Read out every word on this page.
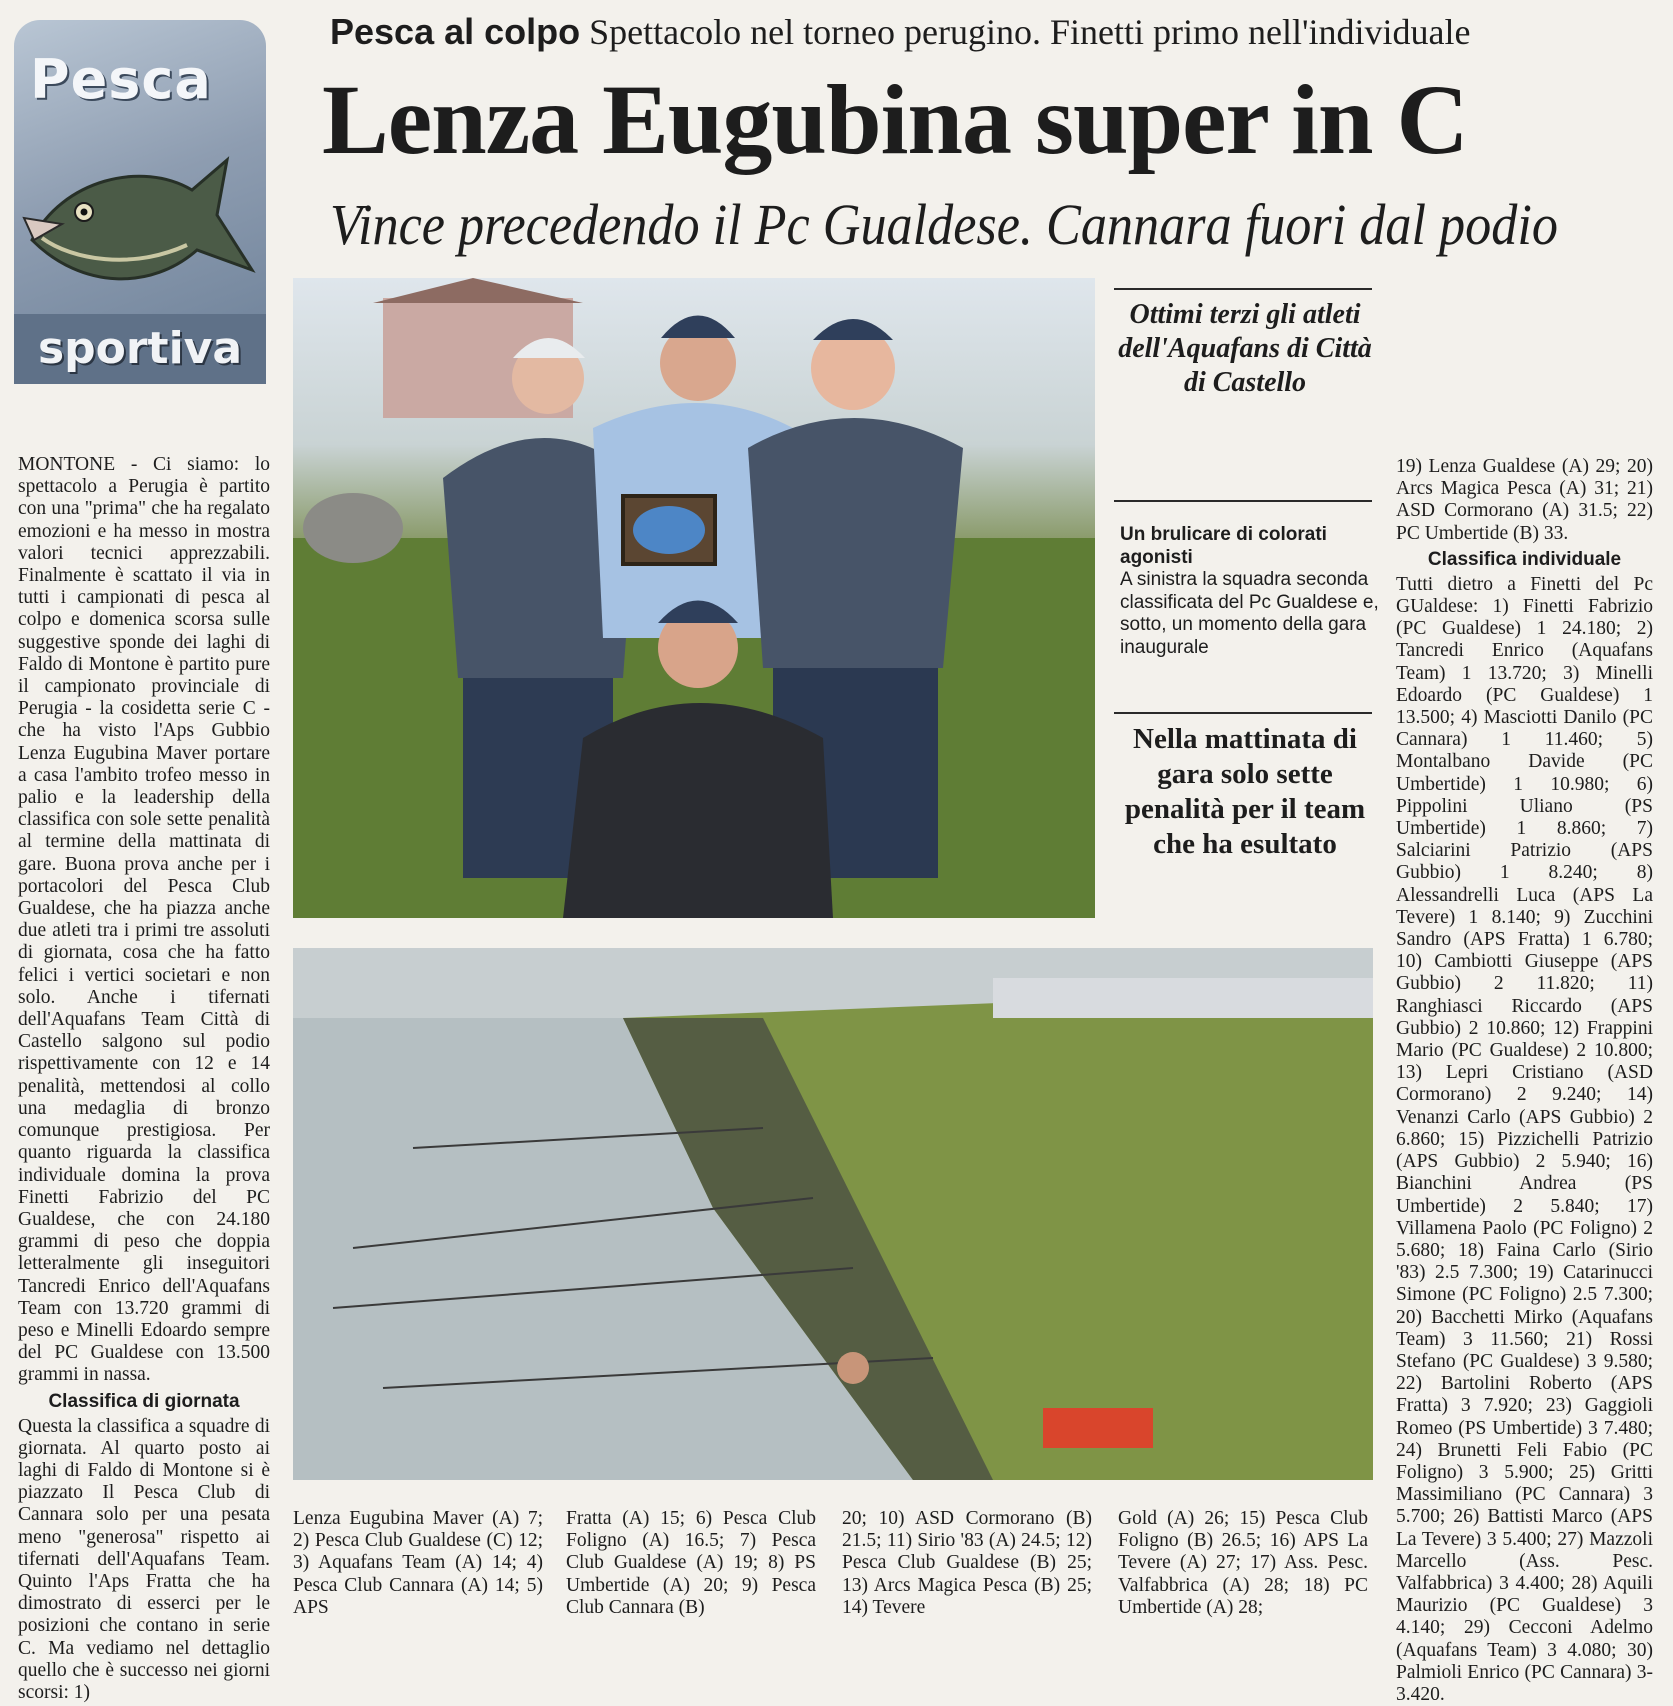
Pesca
sportiva
Pesca al colpo Spettacolo nel torneo perugino. Finetti primo nell'individuale
Lenza Eugubina super in C
Vince precedendo il Pc Gualdese. Cannara fuori dal podio

MONTONE - Ci siamo: lo spettacolo a Perugia è partito con una "prima" che ha regalato emozioni e ha messo in mostra valori tecnici apprezzabili. Finalmente è scattato il via in tutti i campionati di pesca al colpo e domenica scorsa sulle suggestive sponde dei laghi di Faldo di Montone è partito pure il campionato provinciale di Perugia - la cosidetta serie C - che ha visto l'Aps Gubbio Lenza Eugubina Maver portare a casa l'ambito trofeo messo in palio e la leadership della classifica con sole sette penalità al termine della mattinata di gare. Buona prova anche per i portacolori del Pesca Club Gualdese, che ha piazza anche due atleti tra i primi tre assoluti di giornata, cosa che ha fatto felici i vertici societari e non solo. Anche i tifernati dell'Aquafans Team Città di Castello salgono sul podio rispettivamente con 12 e 14 penalità, mettendosi al collo una medaglia di bronzo comunque prestigiosa. Per quanto riguarda la classifica individuale domina la prova Finetti Fabrizio del PC Gualdese, che con 24.180 grammi di peso che doppia letteralmente gli inseguitori Tancredi Enrico dell'Aquafans Team con 13.720 grammi di peso e Minelli Edoardo sempre del PC Gualdese con 13.500 grammi in nassa.

Classifica di giornata

Questa la classifica a squadre di giornata. Al quarto posto ai laghi di Faldo di Montone si è piazzato Il Pesca Club di Cannara solo per una pesata meno "generosa" rispetto ai tifernati dell'Aquafans Team. Quinto l'Aps Fratta che ha dimostrato di esserci per le posizioni che contano in serie C. Ma vediamo nel dettaglio quello che è successo nei giorni scorsi: 1)

Ottimi terzi gli atleti dell'Aquafans di Città di Castello
Un brulicare di colorati agonisti
A sinistra la squadra seconda classificata del Pc Gualdese e, sotto, un momento della gara inaugurale
Nella mattinata di gara solo sette penalità per il team che ha esultato

19) Lenza Gualdese (A) 29; 20) Arcs Magica Pesca (A) 31; 21) ASD Cormorano (A) 31.5; 22) PC Umbertide (B) 33.

Classifica individuale

Tutti dietro a Finetti del Pc GUaldese: 1) Finetti Fabrizio (PC Gualdese) 1 24.180; 2) Tancredi Enrico (Aquafans Team) 1 13.720; 3) Minelli Edoardo (PC Gualdese) 1 13.500; 4) Masciotti Danilo (PC Cannara) 1 11.460; 5) Montalbano Davide (PC Umbertide) 1 10.980; 6) Pippolini Uliano (PS Umbertide) 1 8.860; 7) Salciarini Patrizio (APS Gubbio) 1 8.240; 8) Alessandrelli Luca (APS La Tevere) 1 8.140; 9) Zucchini Sandro (APS Fratta) 1 6.780; 10) Cambiotti Giuseppe (APS Gubbio) 2 11.820; 11) Ranghiasci Riccardo (APS Gubbio) 2 10.860; 12) Frappini Mario (PC Gualdese) 2 10.800; 13) Lepri Cristiano (ASD Cormorano) 2 9.240; 14) Venanzi Carlo (APS Gubbio) 2 6.860; 15) Pizzichelli Patrizio (APS Gubbio) 2 5.940; 16) Bianchini Andrea (PS Umbertide) 2 5.840; 17) Villamena Paolo (PC Foligno) 2 5.680; 18) Faina Carlo (Sirio '83) 2.5 7.300; 19) Catarinucci Simone (PC Foligno) 2.5 7.300; 20) Bacchetti Mirko (Aquafans Team) 3 11.560; 21) Rossi Stefano (PC Gualdese) 3 9.580; 22) Bartolini Roberto (APS Fratta) 3 7.920; 23) Gaggioli Romeo (PS Umbertide) 3 7.480; 24) Brunetti Feli Fabio (PC Foligno) 3 5.900; 25) Gritti Massimiliano (PC Cannara) 3 5.700; 26) Battisti Marco (APS La Tevere) 3 5.400; 27) Mazzoli Marcello (Ass. Pesc. Valfabbrica) 3 4.400; 28) Aquili Maurizio (PC Gualdese) 3 4.140; 29) Cecconi Adelmo (Aquafans Team) 3 4.080; 30) Palmioli Enrico (PC Cannara) 3- 3.420.

Lenza Eugubina Maver (A) 7; 2) Pesca Club Gualdese (C) 12; 3) Aquafans Team (A) 14; 4) Pesca Club Cannara (A) 14; 5) APS
Fratta (A) 15; 6) Pesca Club Foligno (A) 16.5; 7) Pesca Club Gualdese (A) 19; 8) PS Umbertide (A) 20; 9) Pesca Club Cannara (B)
20; 10) ASD Cormorano (B) 21.5; 11) Sirio '83 (A) 24.5; 12) Pesca Club Gualdese (B) 25; 13) Arcs Magica Pesca (B) 25; 14) Tevere
Gold (A) 26; 15) Pesca Club Foligno (B) 26.5; 16) APS La Tevere (A) 27; 17) Ass. Pesc. Valfabbrica (A) 28; 18) PC Umbertide (A) 28;
